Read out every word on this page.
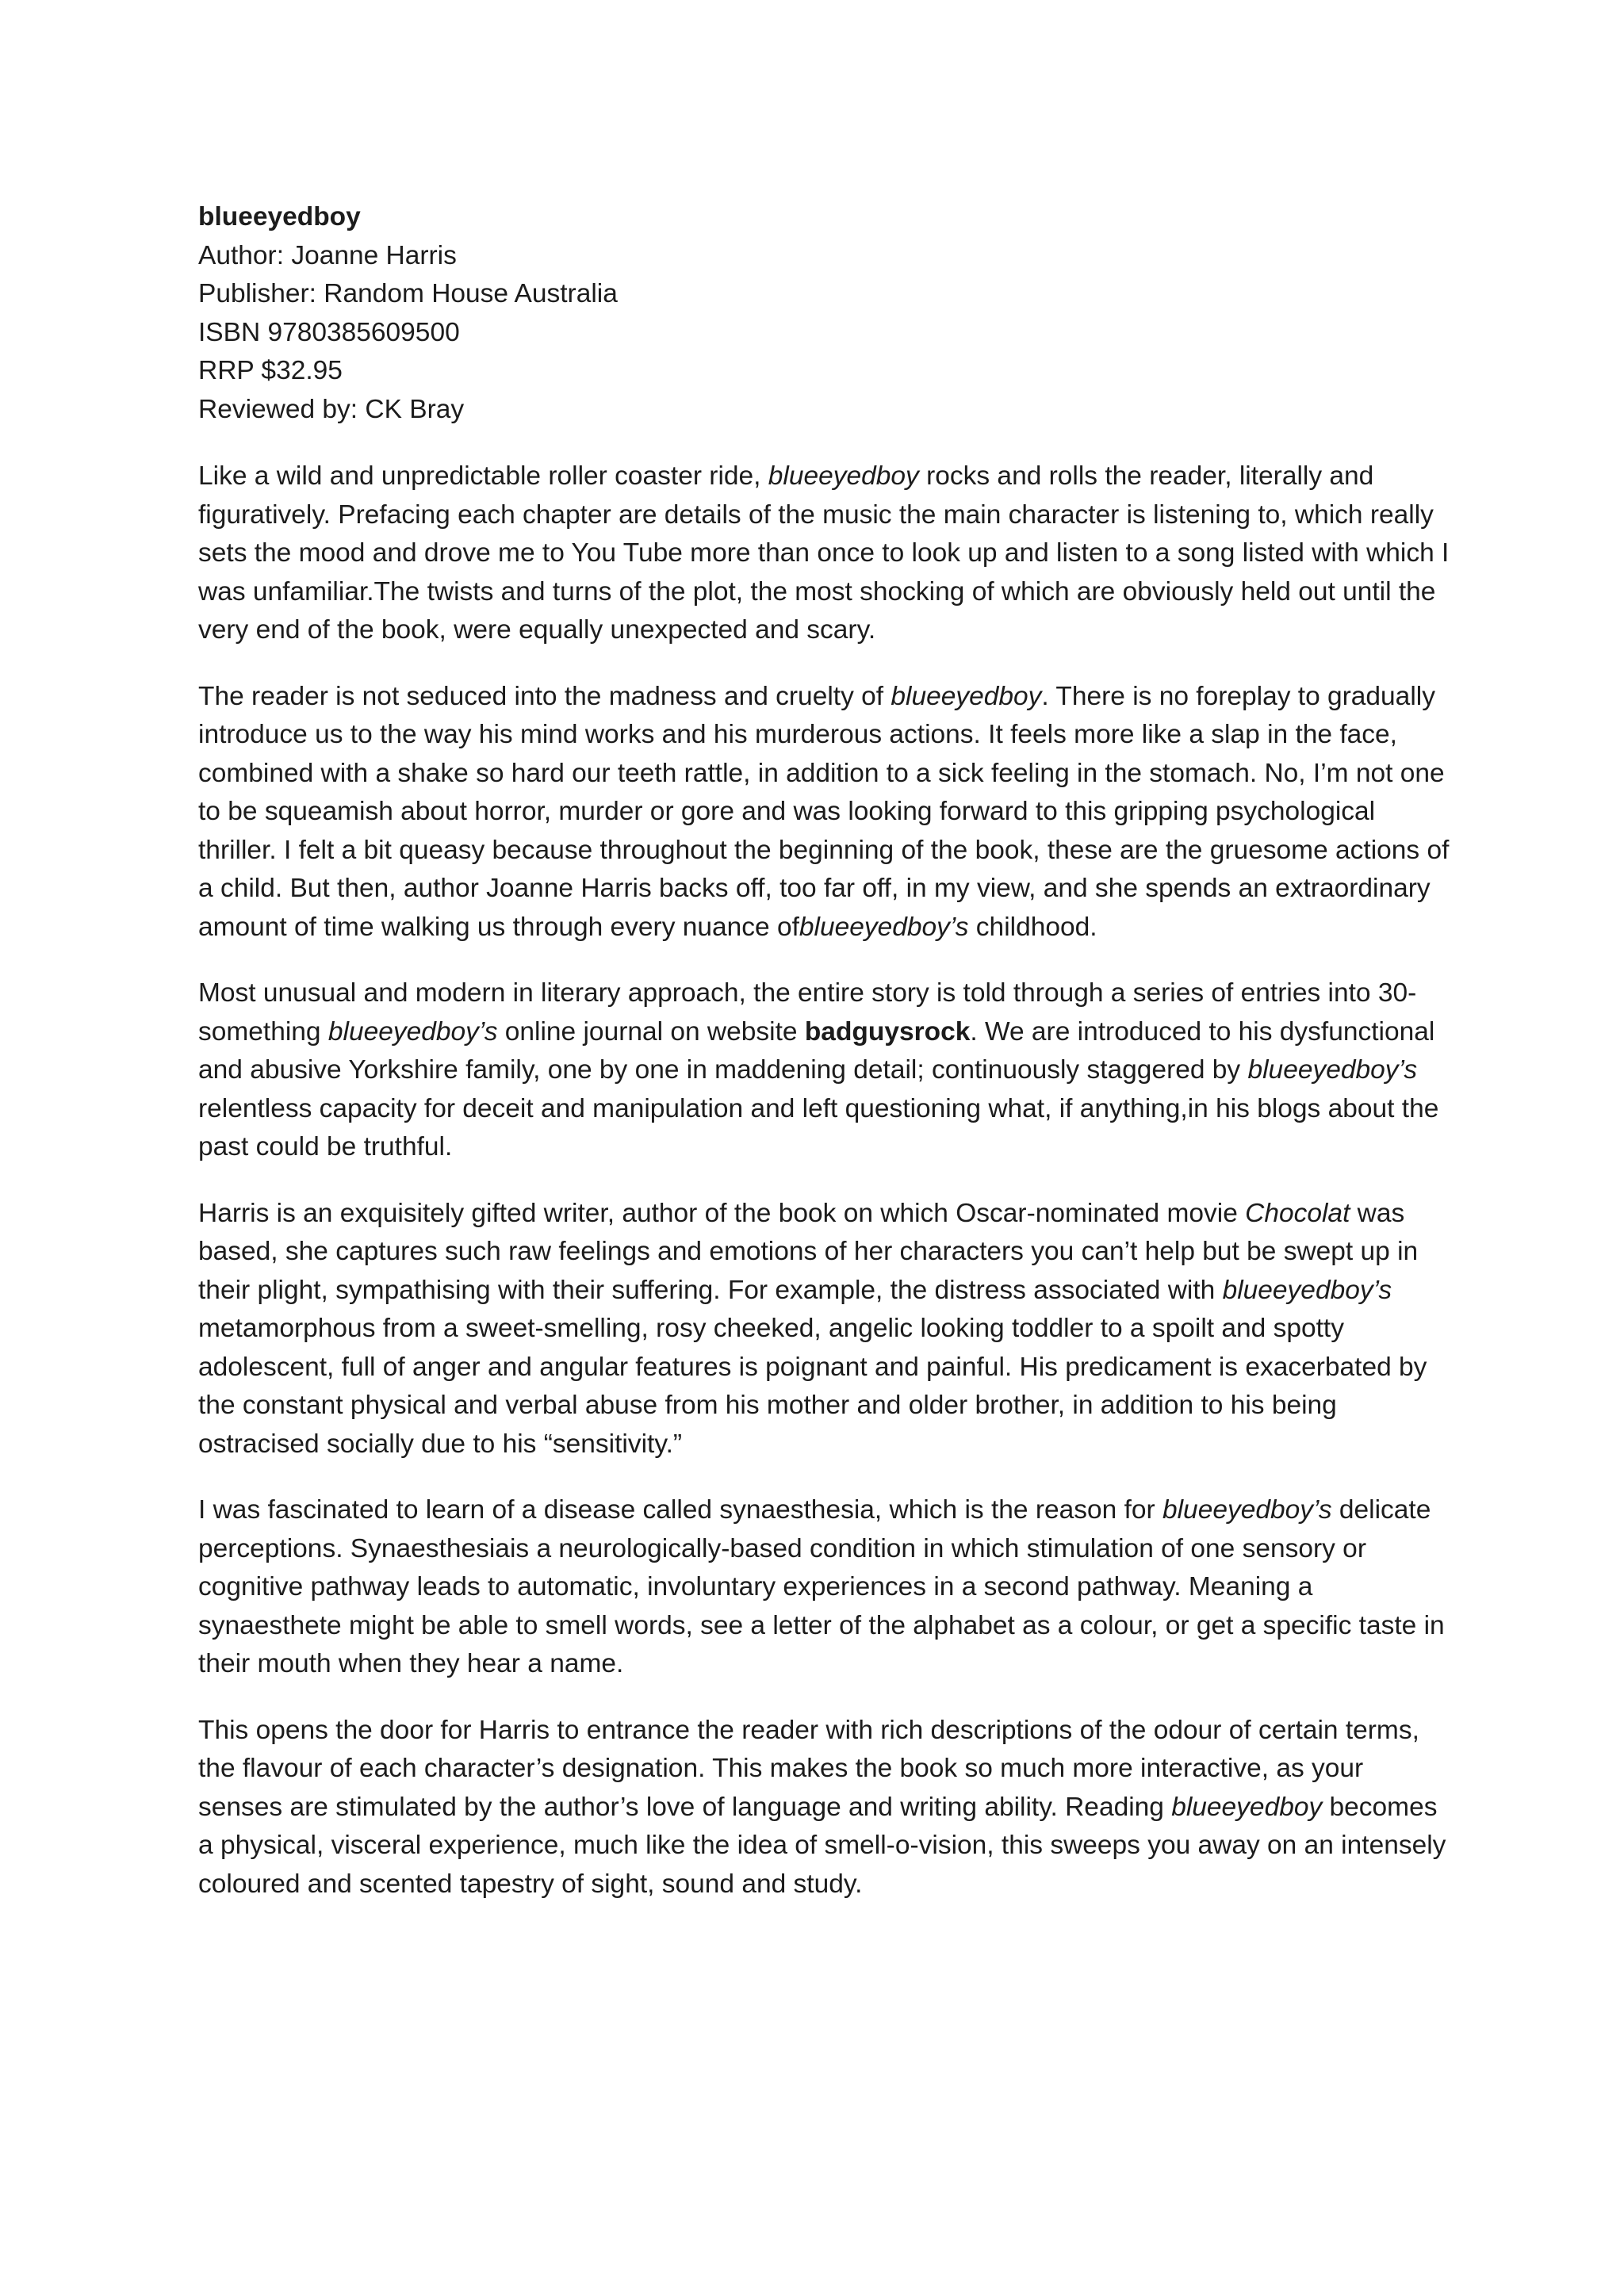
blueeyedboy
Author: Joanne Harris
Publisher: Random House Australia
ISBN 9780385609500
RRP $32.95
Reviewed by: CK Bray

Like a wild and unpredictable roller coaster ride, blueeyedboy rocks and rolls the reader, literally and figuratively. Prefacing each chapter are details of the music the main character is listening to, which really sets the mood and drove me to You Tube more than once to look up and listen to a song listed with which I was unfamiliar.The twists and turns of the plot, the most shocking of which are obviously held out until the very end of the book, were equally unexpected and scary.

The reader is not seduced into the madness and cruelty of blueeyedboy. There is no foreplay to gradually introduce us to the way his mind works and his murderous actions. It feels more like a slap in the face, combined with a shake so hard our teeth rattle, in addition to a sick feeling in the stomach. No, I’m not one to be squeamish about horror, murder or gore and was looking forward to this gripping psychological thriller. I felt a bit queasy because throughout the beginning of the book, these are the gruesome actions of a child. But then, author Joanne Harris backs off, too far off, in my view, and she spends an extraordinary amount of time walking us through every nuance ofblueeyedboy’s childhood.

Most unusual and modern in literary approach, the entire story is told through a series of entries into 30-something blueeyedboy’s online journal on website badguysrock. We are introduced to his dysfunctional and abusive Yorkshire family, one by one in maddening detail; continuously staggered by blueeyedboy’s relentless capacity for deceit and manipulation and left questioning what, if anything,in his blogs about the past could be truthful.

Harris is an exquisitely gifted writer, author of the book on which Oscar-nominated movie Chocolat was based, she captures such raw feelings and emotions of her characters you can’t help but be swept up in their plight, sympathising with their suffering. For example, the distress associated with blueeyedboy’s metamorphous from a sweet-smelling, rosy cheeked, angelic looking toddler to a spoilt and spotty adolescent, full of anger and angular features is poignant and painful. His predicament is exacerbated by the constant physical and verbal abuse from his mother and older brother, in addition to his being ostracised socially due to his “sensitivity.”

I was fascinated to learn of a disease called synaesthesia, which is the reason for blueeyedboy’s delicate perceptions. Synaesthesiais a neurologically-based condition in which stimulation of one sensory or cognitive pathway leads to automatic, involuntary experiences in a second pathway. Meaning a synaesthete might be able to smell words, see a letter of the alphabet as a colour, or get a specific taste in their mouth when they hear a name.

This opens the door for Harris to entrance the reader with rich descriptions of the odour of certain terms, the flavour of each character’s designation. This makes the book so much more interactive, as your senses are stimulated by the author’s love of language and writing ability. Reading blueeyedboy becomes a physical, visceral experience, much like the idea of smell-o-vision, this sweeps you away on an intensely coloured and scented tapestry of sight, sound and study.
